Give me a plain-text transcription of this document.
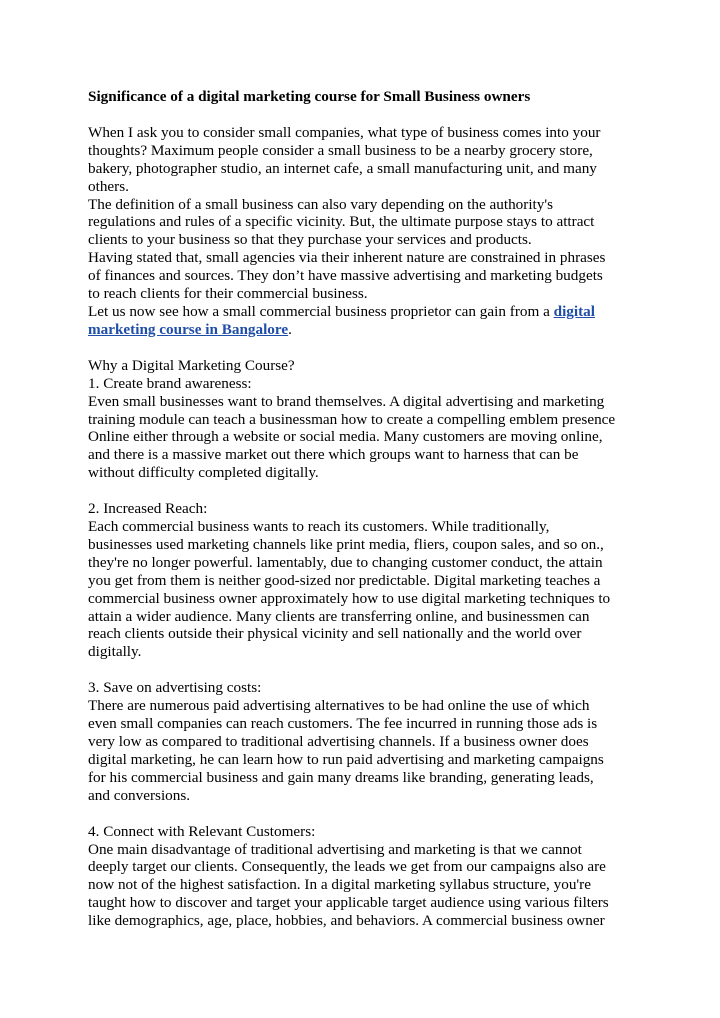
Significance of a digital marketing course for Small Business owners
When I ask you to consider small companies, what type of business comes into your
thoughts? Maximum people consider a small business to be a nearby grocery store,
bakery, photographer studio, an internet cafe, a small manufacturing unit, and many
others.
The definition of a small business can also vary depending on the authority's
regulations and rules of a specific vicinity. But, the ultimate purpose stays to attract
clients to your business so that they purchase your services and products.
Having stated that, small agencies via their inherent nature are constrained in phrases
of finances and sources. They don’t have massive advertising and marketing budgets
to reach clients for their commercial business.
Let us now see how a small commercial business proprietor can gain from a digital
marketing course in Bangalore.
Why a Digital Marketing Course?
1. Create brand awareness:
Even small businesses want to brand themselves. A digital advertising and marketing
training module can teach a businessman how to create a compelling emblem presence
Online either through a website or social media. Many customers are moving online,
and there is a massive market out there which groups want to harness that can be
without difficulty completed digitally.
2. Increased Reach:
Each commercial business wants to reach its customers. While traditionally,
businesses used marketing channels like print media, fliers, coupon sales, and so on.,
they're no longer powerful. lamentably, due to changing customer conduct, the attain
you get from them is neither good-sized nor predictable. Digital marketing teaches a
commercial business owner approximately how to use digital marketing techniques to
attain a wider audience. Many clients are transferring online, and businessmen can
reach clients outside their physical vicinity and sell nationally and the world over
digitally.
3. Save on advertising costs:
There are numerous paid advertising alternatives to be had online the use of which
even small companies can reach customers. The fee incurred in running those ads is
very low as compared to traditional advertising channels. If a business owner does
digital marketing, he can learn how to run paid advertising and marketing campaigns
for his commercial business and gain many dreams like branding, generating leads,
and conversions.
4. Connect with Relevant Customers:
One main disadvantage of traditional advertising and marketing is that we cannot
deeply target our clients. Consequently, the leads we get from our campaigns also are
now not of the highest satisfaction. In a digital marketing syllabus structure, you're
taught how to discover and target your applicable target audience using various filters
like demographics, age, place, hobbies, and behaviors. A commercial business owner
